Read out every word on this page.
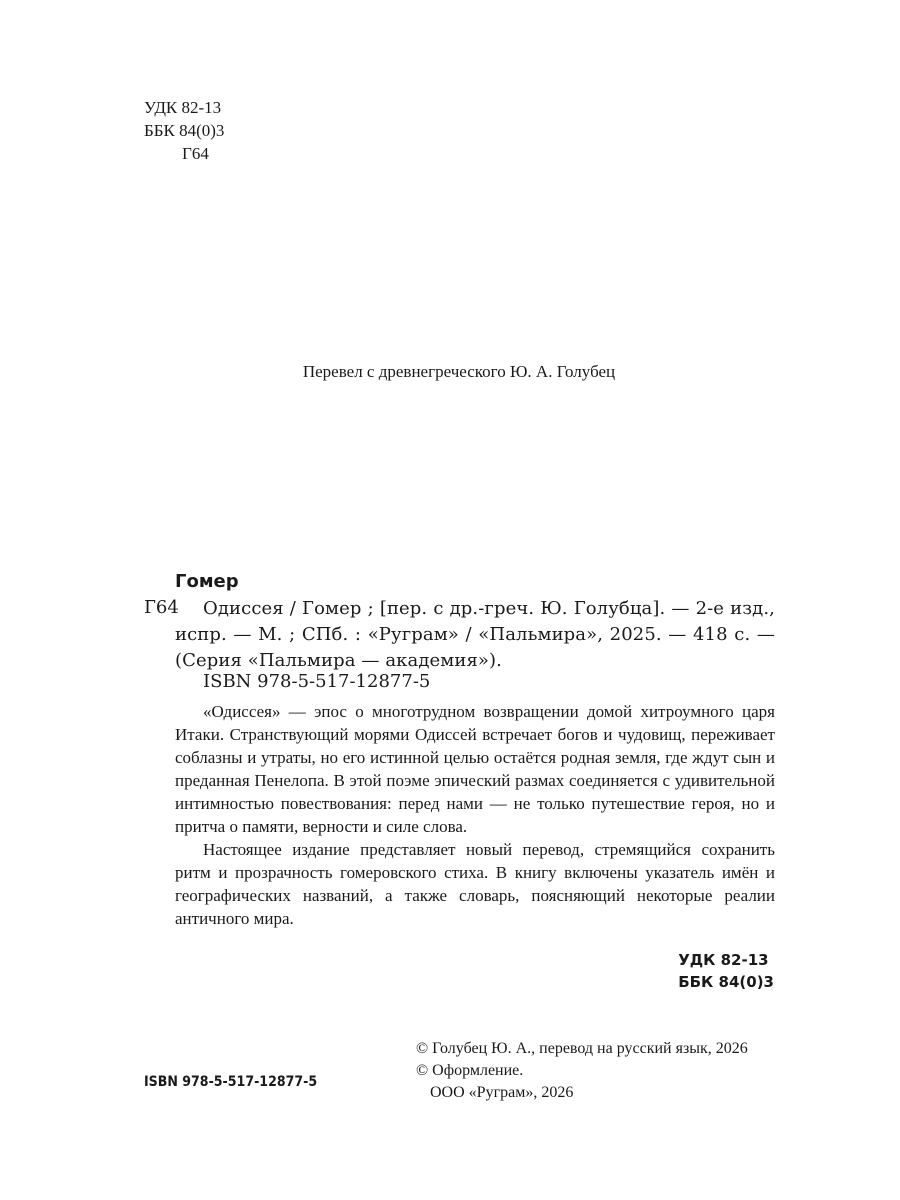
УДК 82-13
ББК 84(0)3
Г64
Перевел с древнегреческого Ю. А. Голубец
Гомер
Г64	Одиссея / Гомер ; [пер. с др.-греч. Ю. Голубца]. — 2-е изд., испр. — М. ; СПб. : «Руграм» / «Пальмира», 2025. — 418 с. — (Серия «Пальмира — академия»).
ISBN 978-5-517-12877-5

«Одиссея» — эпос о многотрудном возвращении домой хитроумного царя Итаки. Странствующий морями Одиссей встречает богов и чудовищ, переживает соблазны и утраты, но его истинной целью остаётся родная земля, где ждут сын и преданная Пенелопа. В этой поэме эпический размах соединяется с удивительной интимностью повествования: перед нами — не только путешествие героя, но и притча о памяти, верности и силе слова.

Настоящее издание представляет новый перевод, стремящийся сохранить ритм и прозрачность гомеровского стиха. В книгу включены указатель имён и географических названий, а также словарь, поясняющий некоторые реалии античного мира.

УДК 82-13
ББК 84(0)3
ISBN 978-5-517-12877-5
© Голубец Ю. А., перевод на русский язык, 2026
© Оформление.
ООО «Руграм», 2026
